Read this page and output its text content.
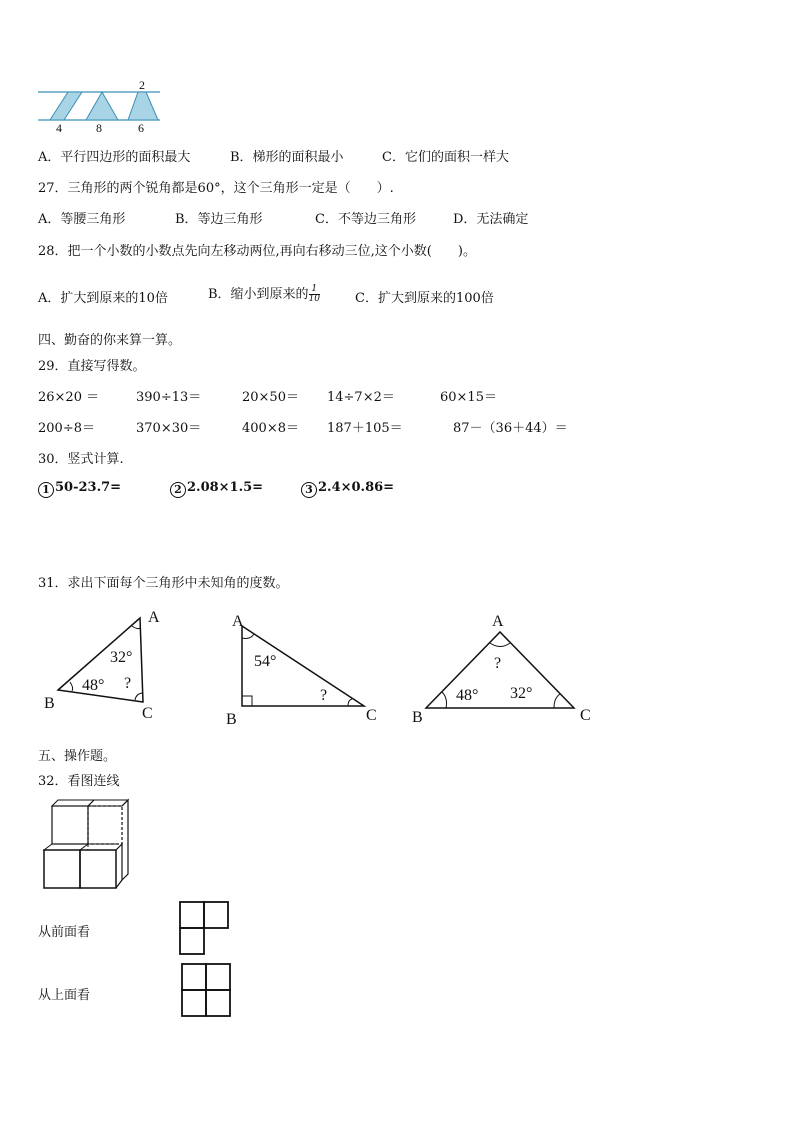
2
4	8	6
A．平行四边形的面积最大	B．梯形的面积最小	C．它们的面积一样大
27．三角形的两个锐角都是60°，这个三角形一定是（　　）.
A．等腰三角形	B．等边三角形	C．不等边三角形	D．无法确定
28．把一个小数的小数点先向左移动两位,再向右移动三位,这个小数(　　)。
A．扩大到原来的10倍	B．缩小到原来的 $\frac{1}{10}$	C．扩大到原来的100倍
四、勤奋的你来算一算。
29．直接写得数。
26×20 ＝	390÷13＝	20×50＝ 14÷7×2＝	60×15＝
200÷8＝	370×30＝	400×8＝ 187＋105＝	87－（36＋44）＝
30．竖式计算.
1 50-23.7=	2 2.08×1.5=	3 2.4×0.86=
31．求出下面每个三角形中未知角的度数。
A
B
C
32°
48° ?
A
B	C
54°
?
A
B	C
?
48° 32°
五、操作题。
32．看图连线
从前面看
从上面看
